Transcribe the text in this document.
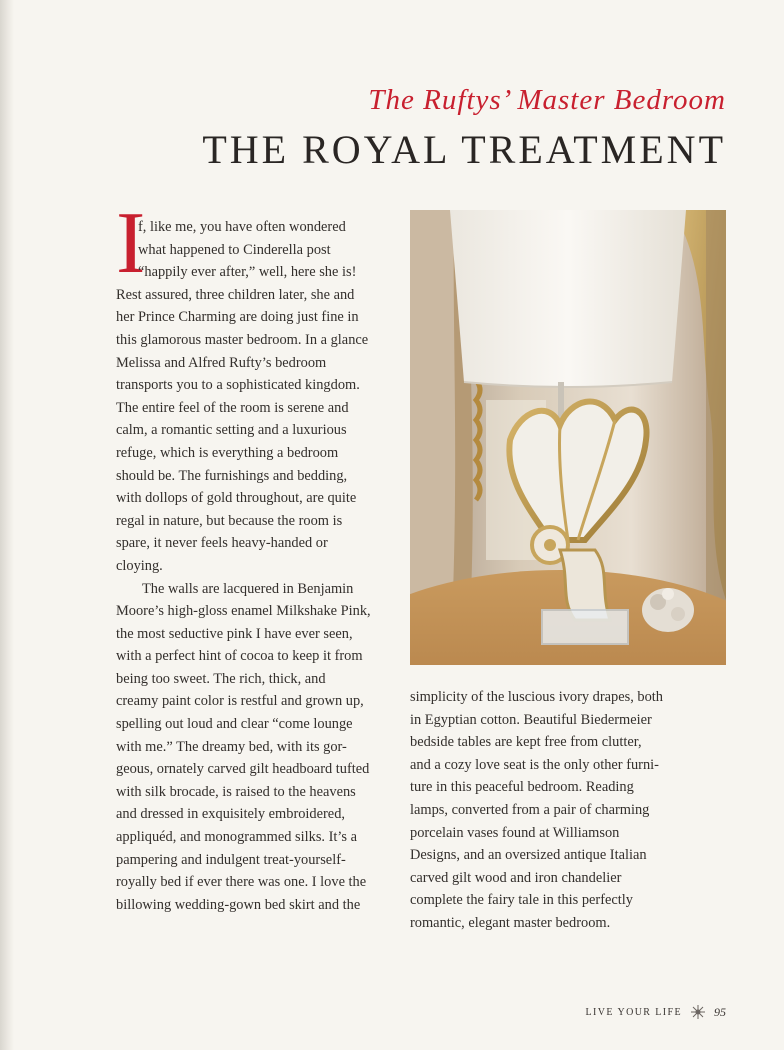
The Ruftys’ Master Bedroom
THE ROYAL TREATMENT
I
f, like me, you have often wondered
what happened to Cinderella post
“happily ever after,” well, here she is!
Rest assured, three children later, she and
her Prince Charming are doing just fine in
this glamorous master bedroom. In a glance
Melissa and Alfred Rufty’s bedroom
transports you to a sophisticated kingdom.
The entire feel of the room is serene and
calm, a romantic setting and a luxurious
refuge, which is everything a bedroom
should be. The furnishings and bedding,
with dollops of gold throughout, are quite
regal in nature, but because the room is
spare, it never feels heavy-handed or
cloying.
The walls are lacquered in Benjamin
Moore’s high-gloss enamel Milkshake Pink,
the most seductive pink I have ever seen,
with a perfect hint of cocoa to keep it from
being too sweet. The rich, thick, and
creamy paint color is restful and grown up,
spelling out loud and clear “come lounge
with me.” The dreamy bed, with its gor-
geous, ornately carved gilt headboard tufted
with silk brocade, is raised to the heavens
and dressed in exquisitely embroidered,
appliquéd, and monogrammed silks. It’s a
pampering and indulgent treat-yourself-
royally bed if ever there was one. I love the
billowing wedding-gown bed skirt and the
simplicity of the luscious ivory drapes, both
in Egyptian cotton. Beautiful Biedermeier
bedside tables are kept free from clutter,
and a cozy love seat is the only other furni-
ture in this peaceful bedroom. Reading
lamps, converted from a pair of charming
porcelain vases found at Williamson
Designs, and an oversized antique Italian
carved gilt wood and iron chandelier
complete the fairy tale in this perfectly
romantic, elegant master bedroom.
LIVE YOUR LIFE	95
